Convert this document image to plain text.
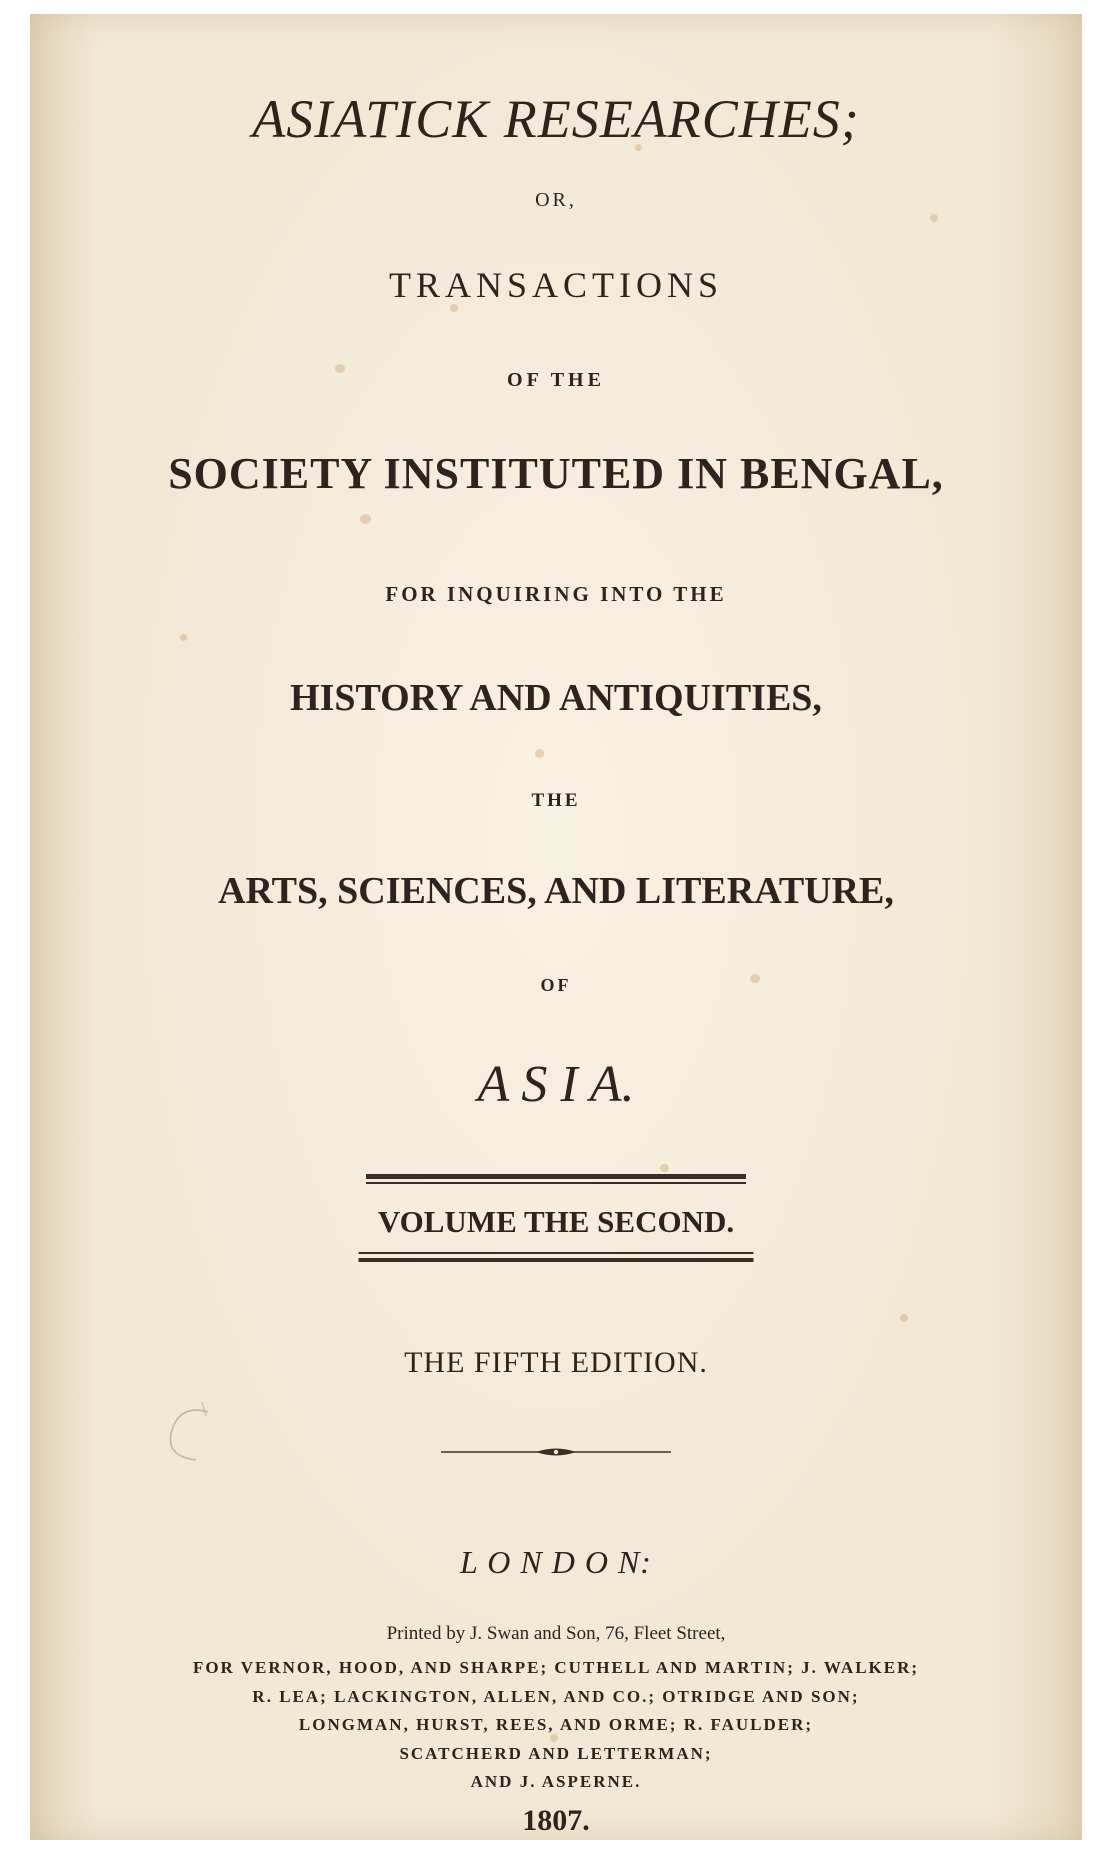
ASIATICK RESEARCHES;
OR,
TRANSACTIONS
OF THE
SOCIETY INSTITUTED IN BENGAL,
FOR INQUIRING INTO THE
HISTORY AND ANTIQUITIES,
THE
ARTS, SCIENCES, AND LITERATURE,
OF
A S I A.
VOLUME THE SECOND.
THE FIFTH EDITION.
L O N D O N:
Printed by J. Swan and Son, 76, Fleet Street,
FOR VERNOR, HOOD, AND SHARPE; CUTHELL AND MARTIN; J. WALKER;
R. LEA; LACKINGTON, ALLEN, AND CO.; OTRIDGE AND SON;
LONGMAN, HURST, REES, AND ORME; R. FAULDER;
SCATCHERD AND LETTERMAN;
AND J. ASPERNE.
1807.
